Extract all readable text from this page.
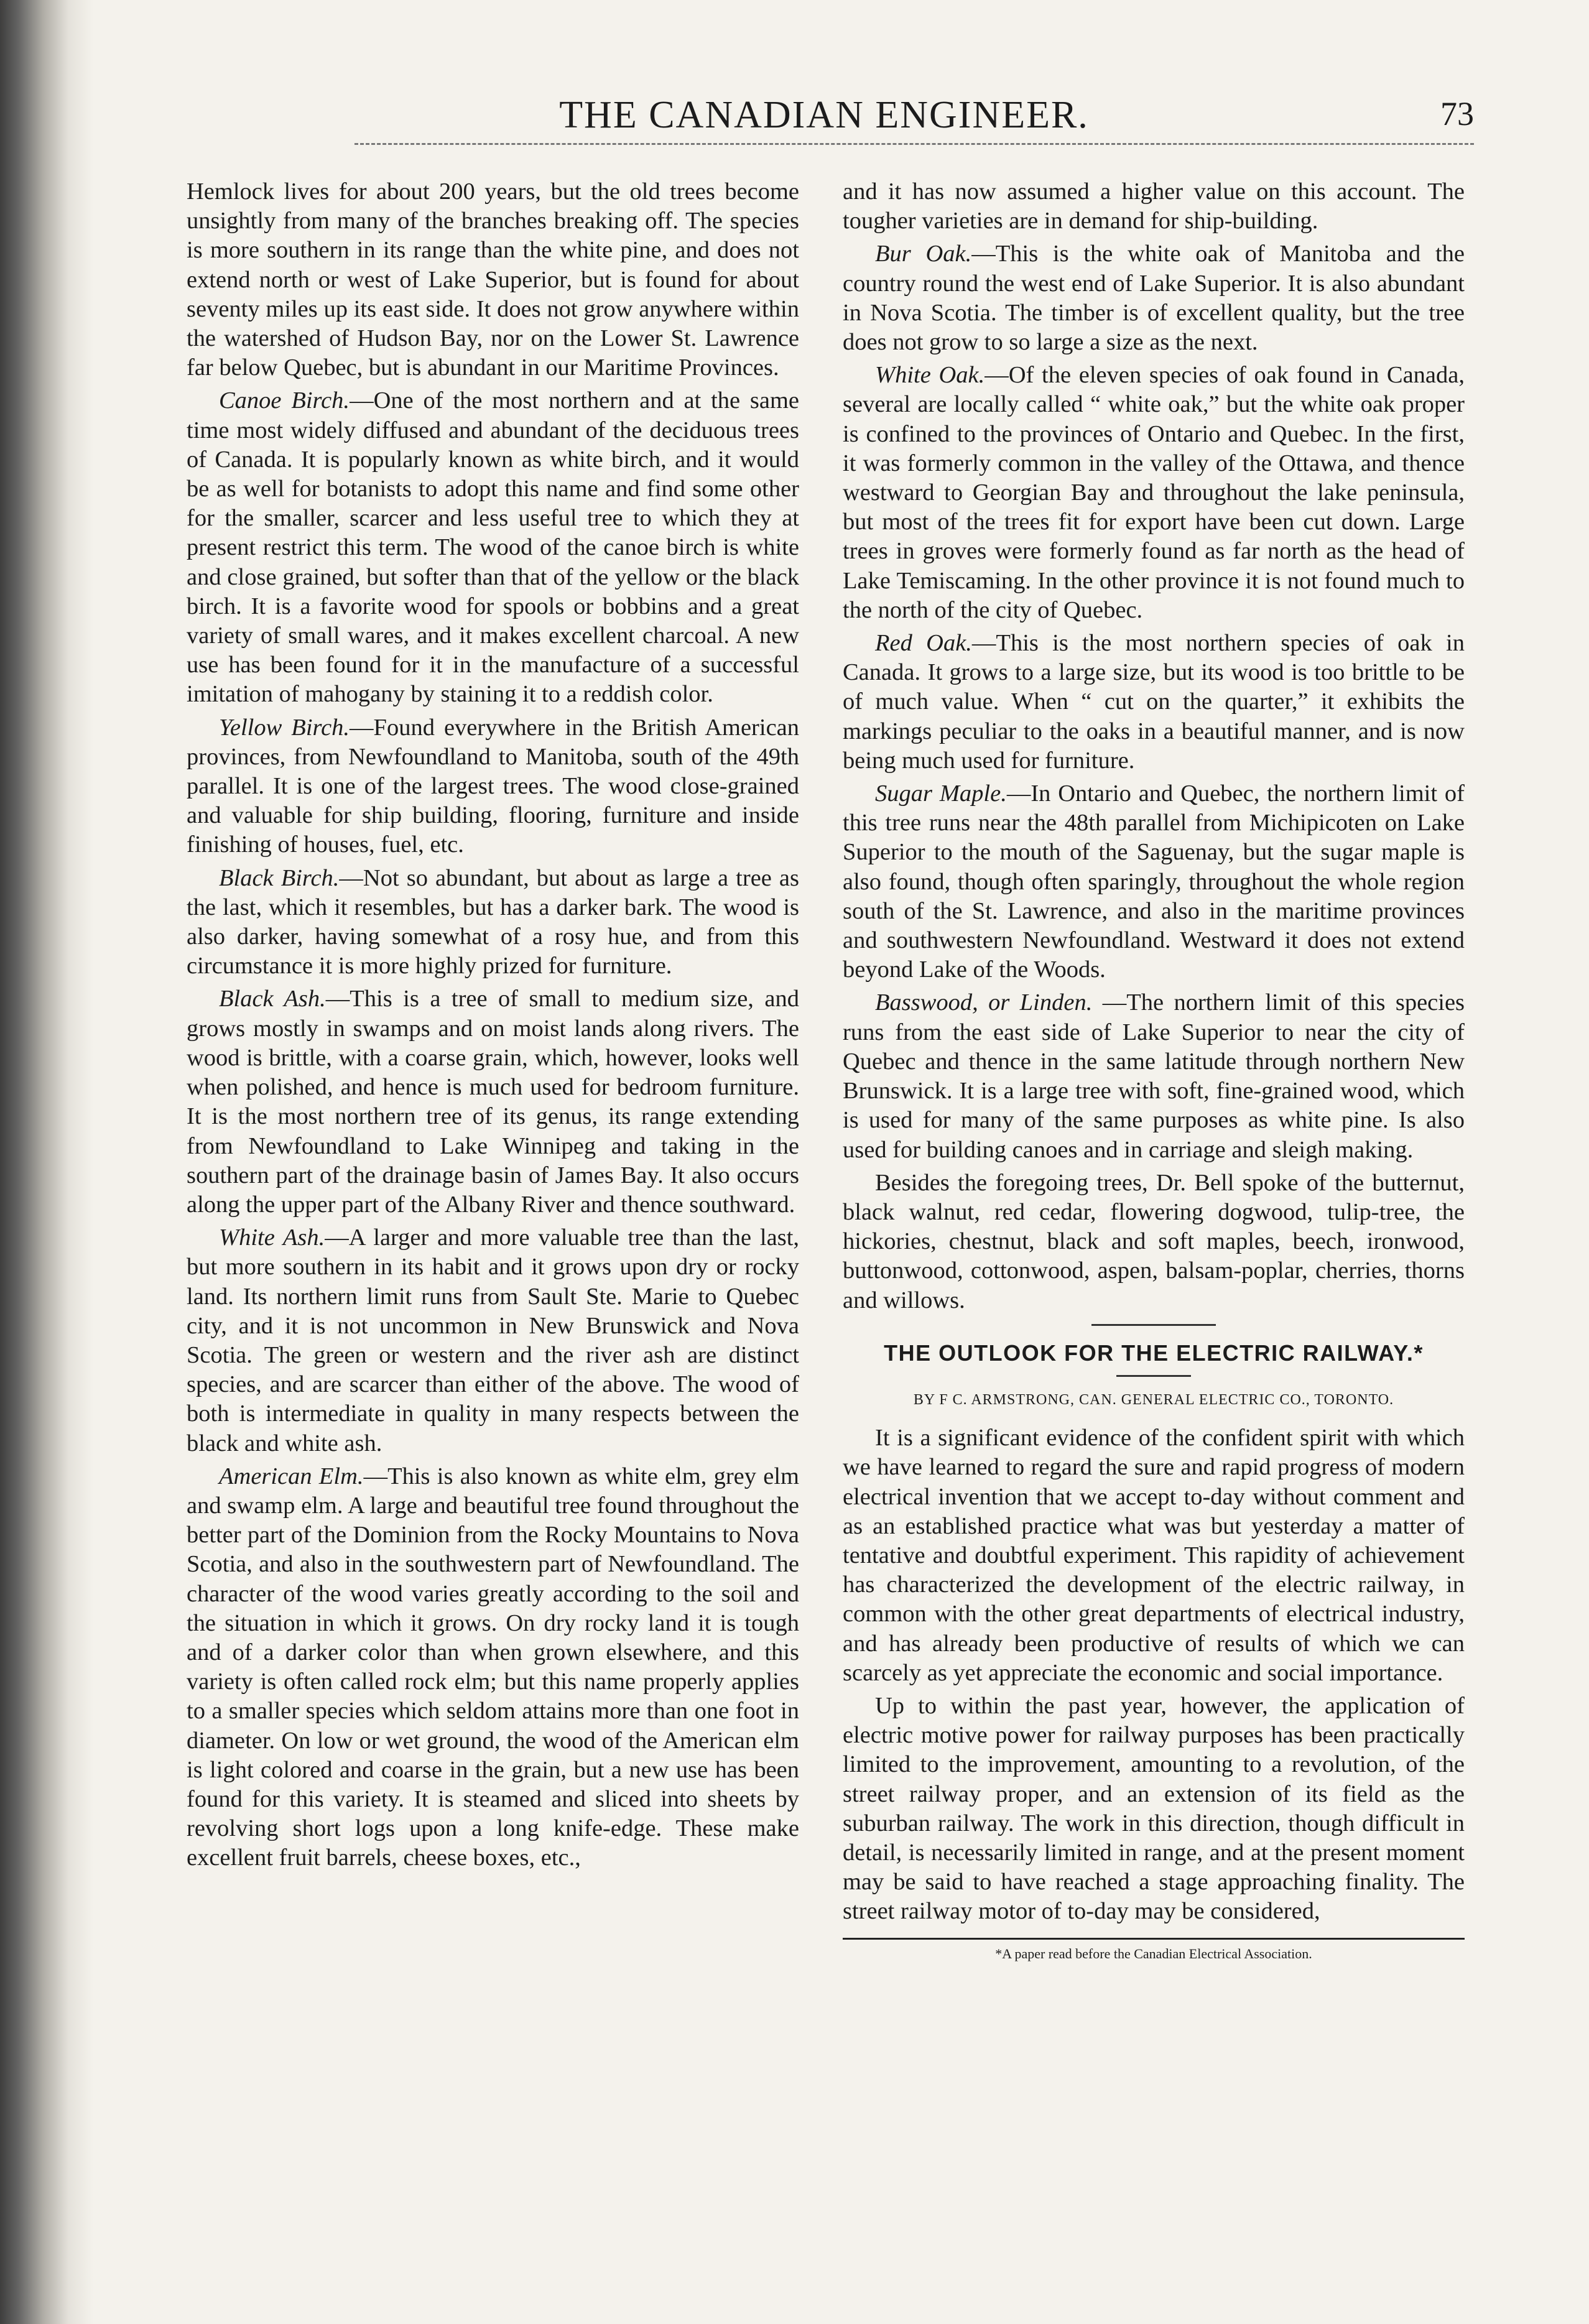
THE CANADIAN ENGINEER.	73

Hemlock lives for about 200 years, but the old trees become unsightly from many of the branches breaking off. The species is more southern in its range than the white pine, and does not extend north or west of Lake Superior, but is found for about seventy miles up its east side. It does not grow anywhere within the watershed of Hudson Bay, nor on the Lower St. Lawrence far below Quebec, but is abundant in our Maritime Provinces.

Canoe Birch.—One of the most northern and at the same time most widely diffused and abundant of the deciduous trees of Canada. It is popularly known as white birch, and it would be as well for botanists to adopt this name and find some other for the smaller, scarcer and less useful tree to which they at present restrict this term. The wood of the canoe birch is white and close grained, but softer than that of the yellow or the black birch. It is a favorite wood for spools or bobbins and a great variety of small wares, and it makes excellent charcoal. A new use has been found for it in the manufacture of a successful imitation of mahogany by staining it to a reddish color.

Yellow Birch.—Found everywhere in the British American provinces, from Newfoundland to Manitoba, south of the 49th parallel. It is one of the largest trees. The wood close-grained and valuable for ship building, flooring, furniture and inside finishing of houses, fuel, etc.

Black Birch.—Not so abundant, but about as large a tree as the last, which it resembles, but has a darker bark. The wood is also darker, having somewhat of a rosy hue, and from this circumstance it is more highly prized for furniture.

Black Ash.—This is a tree of small to medium size, and grows mostly in swamps and on moist lands along rivers. The wood is brittle, with a coarse grain, which, however, looks well when polished, and hence is much used for bedroom furniture. It is the most northern tree of its genus, its range extending from Newfoundland to Lake Winnipeg and taking in the southern part of the drainage basin of James Bay. It also occurs along the upper part of the Albany River and thence southward.

White Ash.—A larger and more valuable tree than the last, but more southern in its habit and it grows upon dry or rocky land. Its northern limit runs from Sault Ste. Marie to Quebec city, and it is not uncommon in New Brunswick and Nova Scotia. The green or western and the river ash are distinct species, and are scarcer than either of the above. The wood of both is intermediate in quality in many respects between the black and white ash.

American Elm.—This is also known as white elm, grey elm and swamp elm. A large and beautiful tree found throughout the better part of the Dominion from the Rocky Mountains to Nova Scotia, and also in the southwestern part of Newfoundland. The character of the wood varies greatly according to the soil and the situation in which it grows. On dry rocky land it is tough and of a darker color than when grown elsewhere, and this variety is often called rock elm; but this name properly applies to a smaller species which seldom attains more than one foot in diameter. On low or wet ground, the wood of the American elm is light colored and coarse in the grain, but a new use has been found for this variety. It is steamed and sliced into sheets by revolving short logs upon a long knife-edge. These make excellent fruit barrels, cheese boxes, etc.,

and it has now assumed a higher value on this account. The tougher varieties are in demand for ship-building.

Bur Oak.—This is the white oak of Manitoba and the country round the west end of Lake Superior. It is also abundant in Nova Scotia. The timber is of excellent quality, but the tree does not grow to so large a size as the next.

White Oak.—Of the eleven species of oak found in Canada, several are locally called “ white oak,” but the white oak proper is confined to the provinces of Ontario and Quebec. In the first, it was formerly common in the valley of the Ottawa, and thence westward to Georgian Bay and throughout the lake peninsula, but most of the trees fit for export have been cut down. Large trees in groves were formerly found as far north as the head of Lake Temiscaming. In the other province it is not found much to the north of the city of Quebec.

Red Oak.—This is the most northern species of oak in Canada. It grows to a large size, but its wood is too brittle to be of much value. When “ cut on the quarter,” it exhibits the markings peculiar to the oaks in a beautiful manner, and is now being much used for furniture.

Sugar Maple.—In Ontario and Quebec, the northern limit of this tree runs near the 48th parallel from Michipicoten on Lake Superior to the mouth of the Saguenay, but the sugar maple is also found, though often sparingly, throughout the whole region south of the St. Lawrence, and also in the maritime provinces and southwestern Newfoundland. Westward it does not extend beyond Lake of the Woods.

Basswood, or Linden. —The northern limit of this species runs from the east side of Lake Superior to near the city of Quebec and thence in the same latitude through northern New Brunswick. It is a large tree with soft, fine-grained wood, which is used for many of the same purposes as white pine. Is also used for building canoes and in carriage and sleigh making.

Besides the foregoing trees, Dr. Bell spoke of the butternut, black walnut, red cedar, flowering dogwood, tulip-tree, the hickories, chestnut, black and soft maples, beech, ironwood, buttonwood, cottonwood, aspen, balsam-poplar, cherries, thorns and willows.

THE OUTLOOK FOR THE ELECTRIC RAILWAY.*
BY F C. ARMSTRONG, CAN. GENERAL ELECTRIC CO., TORONTO.

It is a significant evidence of the confident spirit with which we have learned to regard the sure and rapid progress of modern electrical invention that we accept to-day without comment and as an established practice what was but yesterday a matter of tentative and doubtful experiment. This rapidity of achievement has characterized the development of the electric railway, in common with the other great departments of electrical industry, and has already been productive of results of which we can scarcely as yet appreciate the economic and social importance.

Up to within the past year, however, the application of electric motive power for railway purposes has been practically limited to the improvement, amounting to a revolution, of the street railway proper, and an extension of its field as the suburban railway. The work in this direction, though difficult in detail, is necessarily limited in range, and at the present moment may be said to have reached a stage approaching finality. The street railway motor of to-day may be considered,

*A paper read before the Canadian Electrical Association.
